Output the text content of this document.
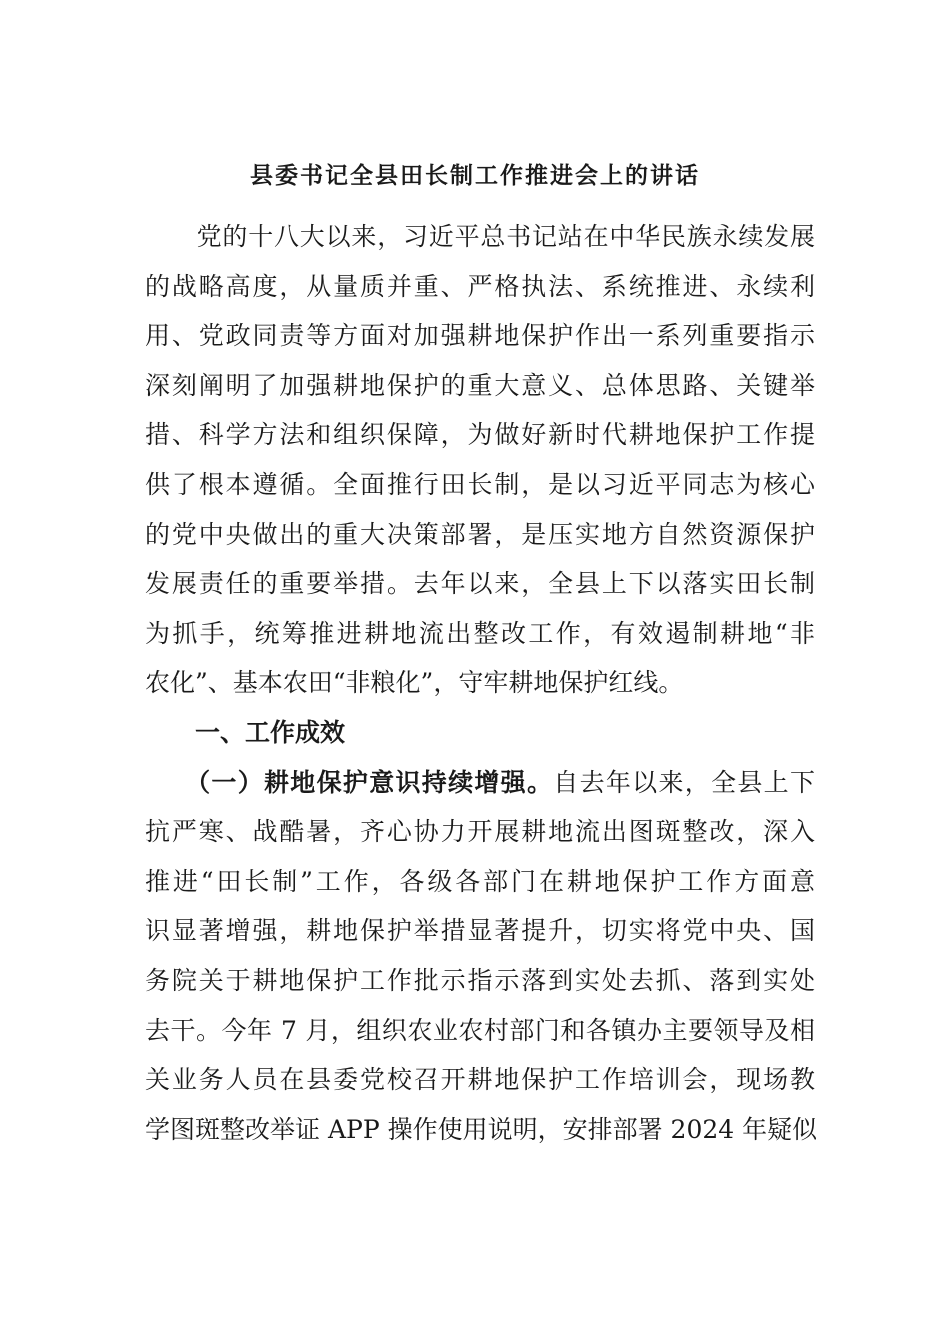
县委书记全县田长制工作推进会上的讲话
　　党的十八大以来，习近平总书记站在中华民族永续发展
的战略高度，从量质并重、严格执法、系统推进、永续利
用、党政同责等方面对加强耕地保护作出一系列重要指示
深刻阐明了加强耕地保护的重大意义、总体思路、关键举
措、科学方法和组织保障，为做好新时代耕地保护工作提
供了根本遵循。全面推行田长制，是以习近平同志为核心
的党中央做出的重大决策部署，是压实地方自然资源保护
发展责任的重要举措。去年以来，全县上下以落实田长制
为抓手，统筹推进耕地流出整改工作，有效遏制耕地“非
农化”、基本农田“非粮化”，守牢耕地保护红线。
　　一、工作成效
　　（一）耕地保护意识持续增强。自去年以来，全县上下
抗严寒、战酷暑，齐心协力开展耕地流出图斑整改，深入
推进“田长制”工作，各级各部门在耕地保护工作方面意
识显著增强，耕地保护举措显著提升，切实将党中央、国
务院关于耕地保护工作批示指示落到实处去抓、落到实处
去干。今年 7 月，组织农业农村部门和各镇办主要领导及相
关业务人员在县委党校召开耕地保护工作培训会，现场教
学图斑整改举证 APP 操作使用说明，安排部署 2024 年疑似
